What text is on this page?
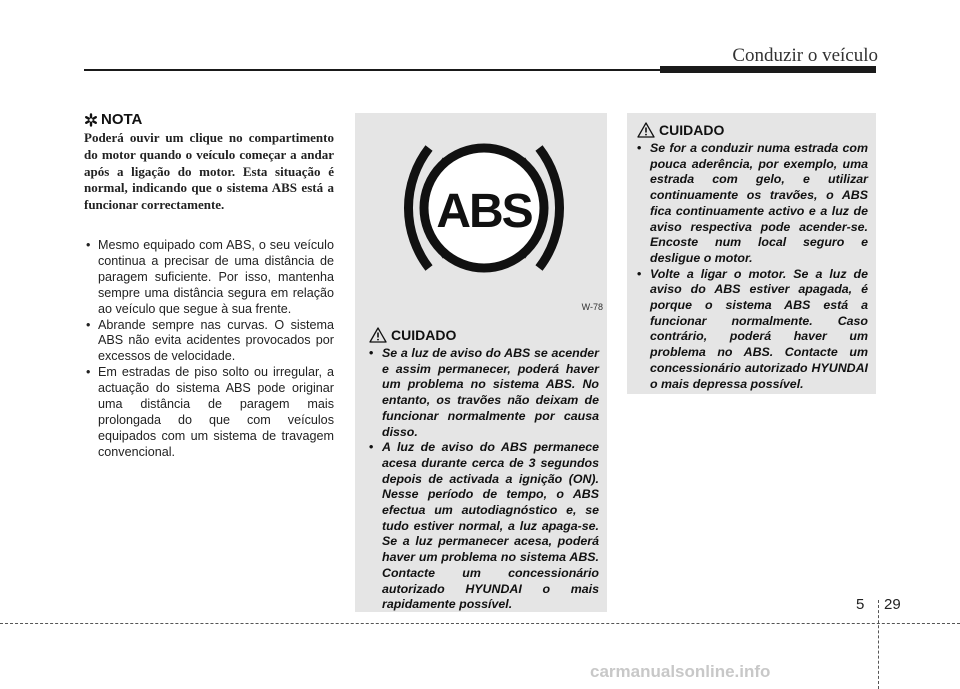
Conduzir o veículo
NOTA

Poderá ouvir um clique no compartimento do motor quando o veículo começar a andar após a ligação do motor. Esta situação é normal, indicando que o sistema ABS está a funcionar correctamente.

• Mesmo equipado com ABS, o seu veículo continua a precisar de uma distância de paragem suficiente. Por isso, mantenha sempre uma distância segura em relação ao veículo que segue à sua frente.
• Abrande sempre nas curvas. O sistema ABS não evita acidentes provocados por excessos de velocidade.
• Em estradas de piso solto ou irregular, a actuação do sistema ABS pode originar uma distância de paragem mais prolongada do que com veículos equipados com um sistema de travagem convencional.
ABS
W-78
CUIDADO
• Se a luz de aviso do ABS se acender e assim permanecer, poderá haver um problema no sistema ABS. No entanto, os travões não deixam de funcionar normalmente por causa disso.
• A luz de aviso do ABS permanece acesa durante cerca de 3 segundos depois de activada a ignição (ON). Nesse período de tempo, o ABS efectua um autodiagnóstico e, se tudo estiver normal, a luz apaga-se. Se a luz permanecer acesa, poderá haver um problema no sistema ABS. Contacte um concessionário autorizado HYUNDAI o mais rapidamente possível.
CUIDADO
• Se for a conduzir numa estrada com pouca aderência, por exemplo, uma estrada com gelo, e utilizar continuamente os travões, o ABS fica continuamente activo e a luz de aviso respectiva pode acender-se. Encoste num local seguro e desligue o motor.
• Volte a ligar o motor. Se a luz de aviso do ABS estiver apagada, é porque o sistema ABS está a funcionar normalmente. Caso contrário, poderá haver um problema no ABS. Contacte um concessionário autorizado HYUNDAI o mais depressa possível.
5 29
carmanualsonline.info
